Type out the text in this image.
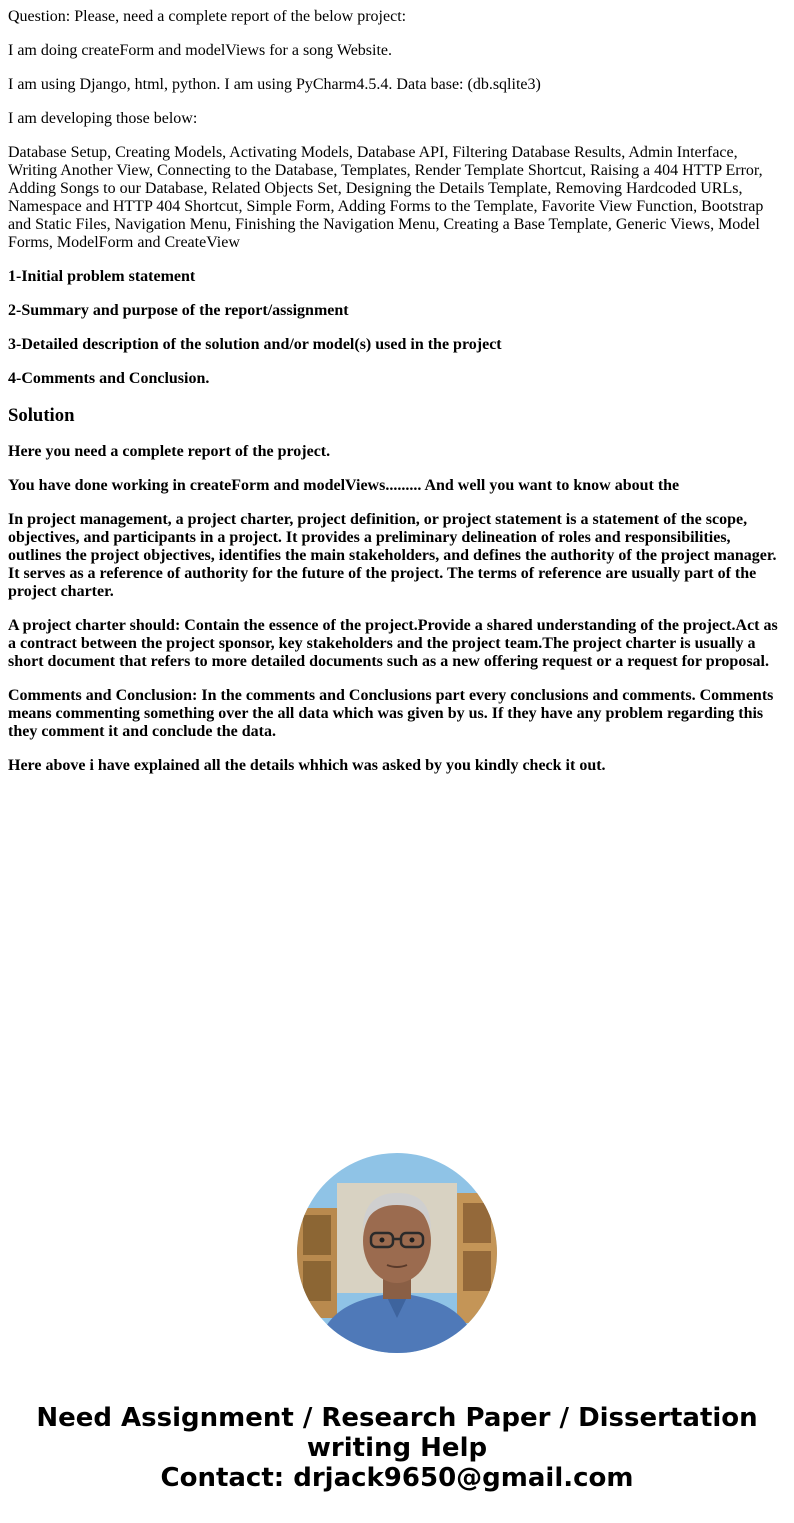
Question: Please, need a complete report of the below project:

I am doing createForm and modelViews for a song Website.

I am using Django, html, python. I am using PyCharm4.5.4. Data base: (db.sqlite3)

I am developing those below:

Database Setup, Creating Models, Activating Models, Database API, Filtering Database Results, Admin Interface, Writing Another View, Connecting to the Database, Templates, Render Template Shortcut, Raising a 404 HTTP Error, Adding Songs to our Database, Related Objects Set, Designing the Details Template, Removing Hardcoded URLs, Namespace and HTTP 404 Shortcut, Simple Form, Adding Forms to the Template, Favorite View Function, Bootstrap and Static Files, Navigation Menu, Finishing the Navigation Menu, Creating a Base Template, Generic Views, Model Forms, ModelForm and CreateView

1-Initial problem statement

2-Summary and purpose of the report/assignment

3-Detailed description of the solution and/or model(s) used in the project

4-Comments and Conclusion.

Solution

Here you need a complete report of the project.

You have done working in createForm and modelViews......... And well you want to know about the

In project management, a project charter, project definition, or project statement is a statement of the scope, objectives, and participants in a project. It provides a preliminary delineation of roles and responsibilities, outlines the project objectives, identifies the main stakeholders, and defines the authority of the project manager. It serves as a reference of authority for the future of the project. The terms of reference are usually part of the project charter.

A project charter should: Contain the essence of the project.Provide a shared understanding of the project.Act as a contract between the project sponsor, key stakeholders and the project team.The project charter is usually a short document that refers to more detailed documents such as a new offering request or a request for proposal.

Comments and Conclusion: In the comments and Conclusions part every conclusions and comments. Comments means commenting something over the all data which was given by us. If they have any problem regarding this they comment it and conclude the data.

Here above i have explained all the details whhich was asked by you kindly check it out.

Need Assignment / Research Paper / Dissertation
writing Help
Contact: drjack9650@gmail.com
